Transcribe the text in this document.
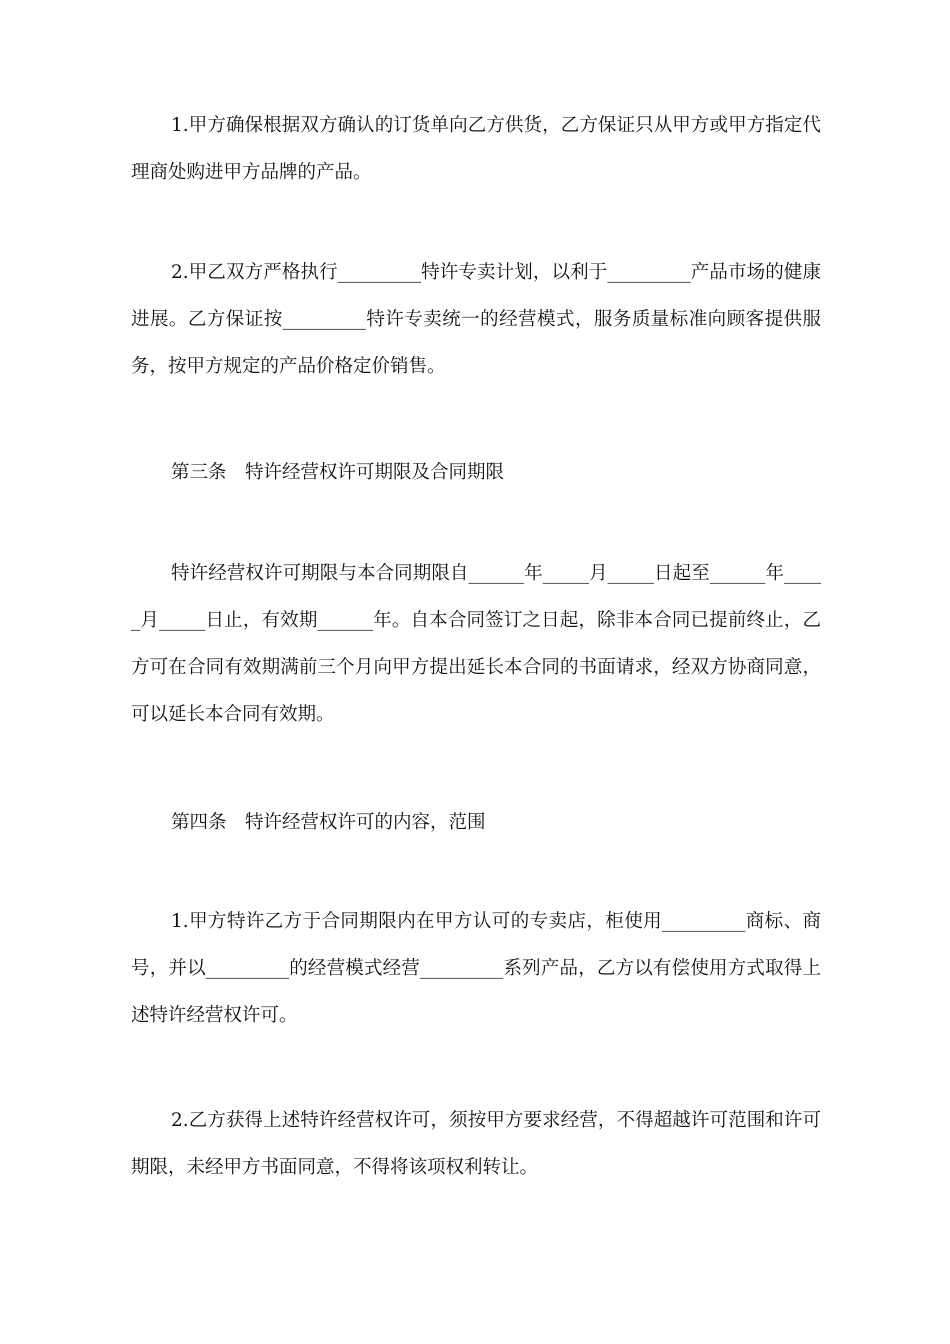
1.甲方确保根据双方确认的订货单向乙方供货，乙方保证只从甲方或甲方指定代理商处购进甲方品牌的产品。

2.甲乙双方严格执行_________特许专卖计划，以利于_________产品市场的健康进展。乙方保证按_________特许专卖统一的经营模式，服务质量标准向顾客提供服务，按甲方规定的产品价格定价销售。

第三条　特许经营权许可期限及合同期限

特许经营权许可期限与本合同期限自______年_____月_____日起至______年_____月_____日止，有效期______年。自本合同签订之日起，除非本合同已提前终止，乙方可在合同有效期满前三个月向甲方提出延长本合同的书面请求，经双方协商同意，可以延长本合同有效期。

第四条　特许经营权许可的内容，范围

1.甲方特许乙方于合同期限内在甲方认可的专卖店，柜使用_________商标、商号，并以_________的经营模式经营_________系列产品，乙方以有偿使用方式取得上述特许经营权许可。

2.乙方获得上述特许经营权许可，须按甲方要求经营，不得超越许可范围和许可期限，未经甲方书面同意，不得将该项权利转让。
